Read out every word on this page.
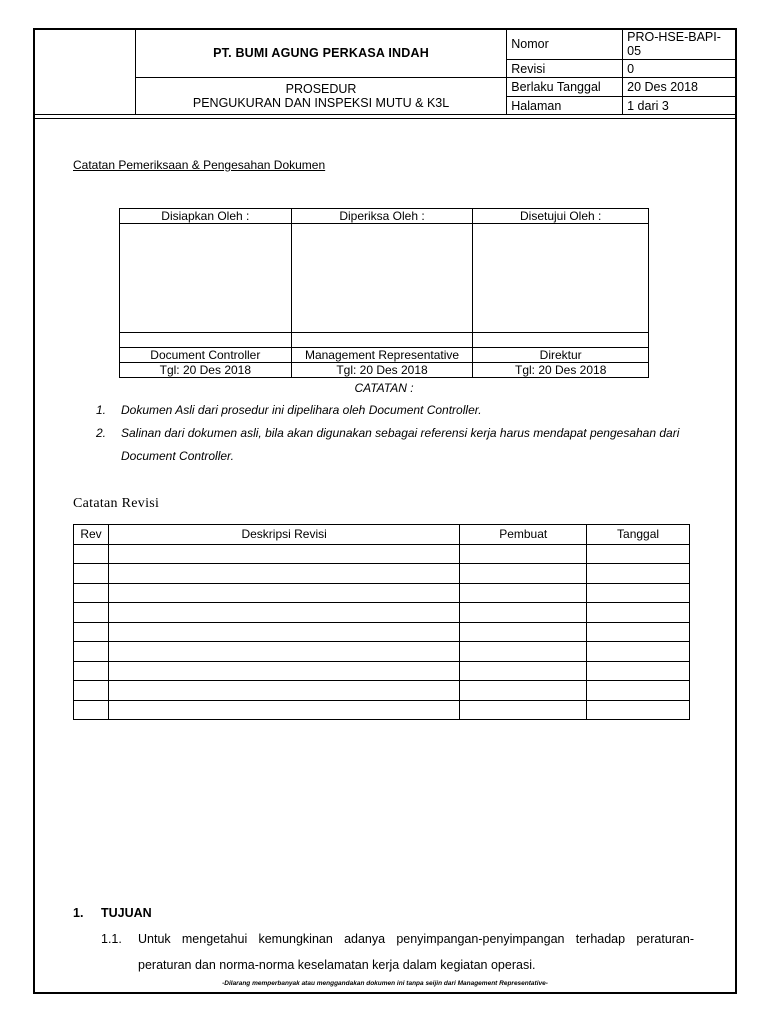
	PT. BUMI AGUNG PERKASA INDAH	Nomor	PRO-HSE-BAPI-05
		Revisi	0

	PROSEDUR
PENGUKURAN DAN INSPEKSI MUTU & K3L	Berlaku Tanggal	20 Des 2018
		Halaman	1 dari 3
Catatan Pemeriksaan & Pengesahan Dokumen
Disiapkan Oleh :	Diperiksa Oleh :	Disetujui Oleh :

Document Controller	Management Representative	Direktur
Tgl: 20 Des 2018	Tgl: 20 Des 2018	Tgl: 20 Des 2018
CATATAN :
1. Dokumen Asli dari prosedur ini dipelihara oleh Document Controller.
2. Salinan dari dokumen asli, bila akan digunakan sebagai referensi kerja harus mendapat pengesahan dari
Document Controller.
Catatan Revisi
Rev	Deskripsi Revisi	Pembuat	Tanggal

1. TUJUAN
1.1. Untuk mengetahui kemungkinan adanya penyimpangan-penyimpangan terhadap peraturan-
peraturan dan norma-norma keselamatan kerja dalam kegiatan operasi.
-Dilarang memperbanyak atau menggandakan dokumen ini tanpa seijin dari Management Representative-
